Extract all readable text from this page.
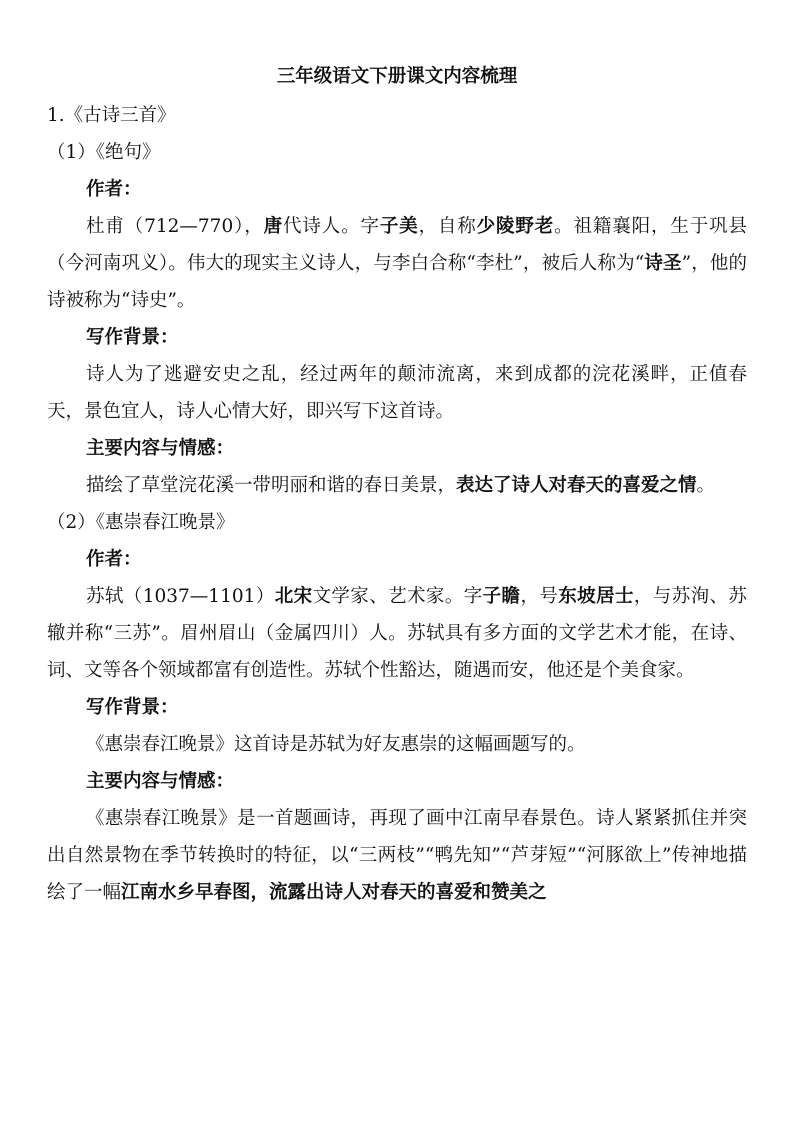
三年级语文下册课文内容梳理

1.《古诗三首》

（1）《绝句》

作者：

杜甫（712—770），唐代诗人。字子美，自称少陵野老。祖籍襄阳，生于巩县（今河南巩义）。伟大的现实主义诗人，与李白合称“李杜”，被后人称为“诗圣”，他的诗被称为“诗史”。

写作背景：

诗人为了逃避安史之乱，经过两年的颠沛流离，来到成都的浣花溪畔，正值春天，景色宜人，诗人心情大好，即兴写下这首诗。

主要内容与情感：

描绘了草堂浣花溪一带明丽和谐的春日美景，表达了诗人对春天的喜爱之情。

（2）《惠崇春江晚景》

作者：

苏轼（1037—1101）北宋文学家、艺术家。字子瞻，号东坡居士，与苏洵、苏辙并称“三苏”。眉州眉山（金属四川）人。苏轼具有多方面的文学艺术才能，在诗、词、文等各个领域都富有创造性。苏轼个性豁达，随遇而安，他还是个美食家。

写作背景：

《惠崇春江晚景》这首诗是苏轼为好友惠崇的这幅画题写的。

主要内容与情感：

《惠崇春江晚景》是一首题画诗，再现了画中江南早春景色。诗人紧紧抓住并突出自然景物在季节转换时的特征，以“三两枝”“鸭先知”“芦芽短”“河豚欲上”传神地描绘了一幅江南水乡早春图，流露出诗人对春天的喜爱和赞美之
